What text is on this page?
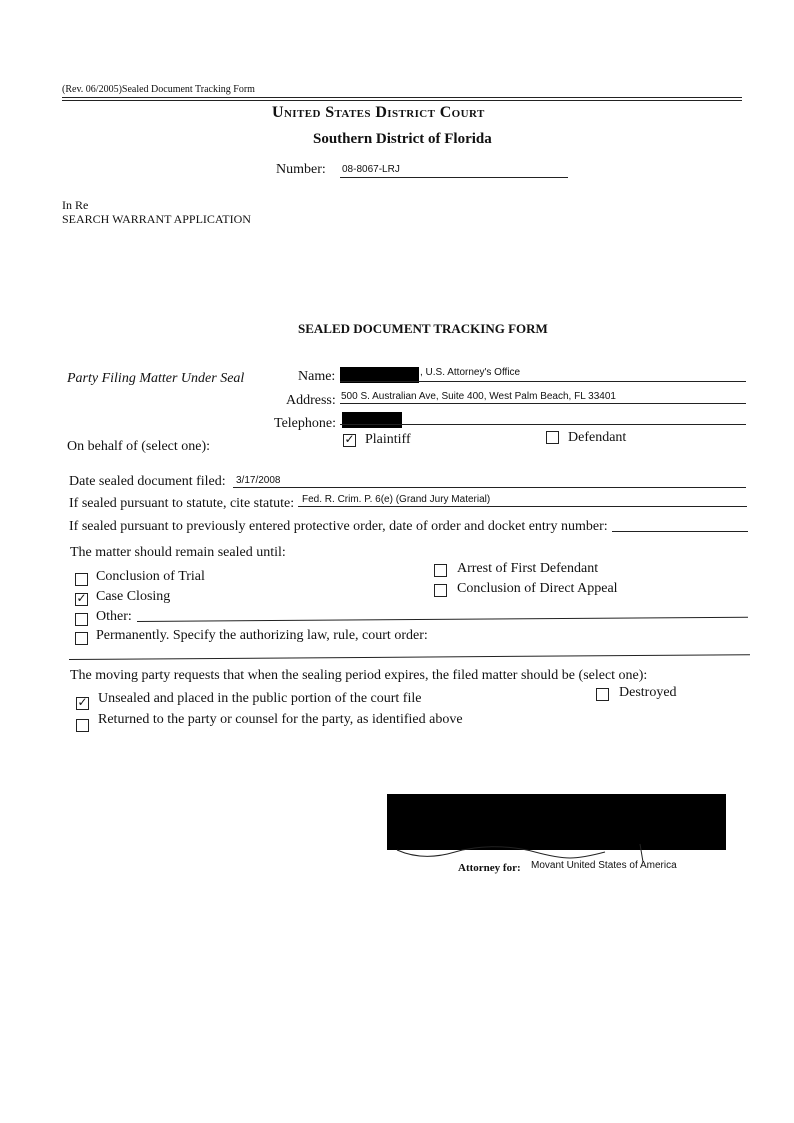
(Rev. 06/2005)Sealed Document Tracking Form
United States District Court
Southern District of Florida
Number: 08-8067-LRJ
In Re
SEARCH WARRANT APPLICATION
SEALED DOCUMENT TRACKING FORM
Party Filing Matter Under Seal	Name:	, U.S. Attorney's Office
Address: 500 S. Australian Ave, Suite 400, West Palm Beach, FL 33401
Telephone:
On behalf of (select one):	✓ Plaintiff	Defendant
Date sealed document filed: 3/17/2008
If sealed pursuant to statute, cite statute: Fed. R. Crim. P. 6(e) (Grand Jury Material)
If sealed pursuant to previously entered protective order, date of order and docket entry number:
The matter should remain sealed until:
Conclusion of Trial
✓ Case Closing
Other:
Permanently. Specify the authorizing law, rule, court order:
Arrest of First Defendant
Conclusion of Direct Appeal
The moving party requests that when the sealing period expires, the filed matter should be (select one):
✓ Unsealed and placed in the public portion of the court file
Returned to the party or counsel for the party, as identified above
Destroyed
Attorney for: Movant United States of America
